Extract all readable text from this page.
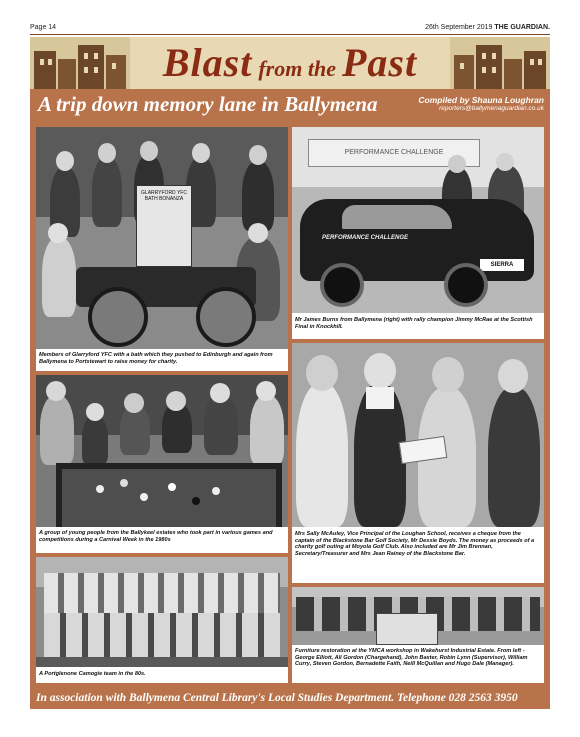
Page 14	26th September 2019 THE GUARDIAN.
Blast from the Past
A trip down memory lane in Ballymena	Compiled by Shauna Loughran
reporters@ballymenaguardian.co.uk
GLARRYFORD YFC
BATH BONANZA
Members of Glarryford YFC with a bath which they pushed to Edinburgh and again from Ballymena to Portstewart to raise money for charity.
PERFORMANCE CHALLENGE
PERFORMANCE CHALLENGE
SIERRA
Mr James Burns from Ballymena (right) with rally champion Jimmy McRae at the Scottish Final in Knockhill.
A group of young people from the Ballykeel estates who took part in various games and competitions during a Carnival Week in the 1980s
Mrs Sally McAuley, Vice Principal of the Loughan School, receives a cheque from the captain of the Blackstone Bar Golf Society, Mr Dessie Boyds. The money as proceeds of a charity golf outing at Moyola Golf Club. Also included are Mr Jim Brennan, Secretary/Treasurer and Mrs Jean Rainey of the Blackstone Bar.
A Portglenone Camogie team in the 80s.
Furniture restoration at the YMCA workshop in Wakehurst Industrial Estate. From left - George Elliott, Ali Gordon (Chargehand), John Baxter, Robin Lynn (Supervisor), William Curry, Steven Gordon, Bernadette Faith, Neill McQuillan and Hugo Dale (Manager).
In association with Ballymena Central Library's Local Studies Department. Telephone 028 2563 3950
